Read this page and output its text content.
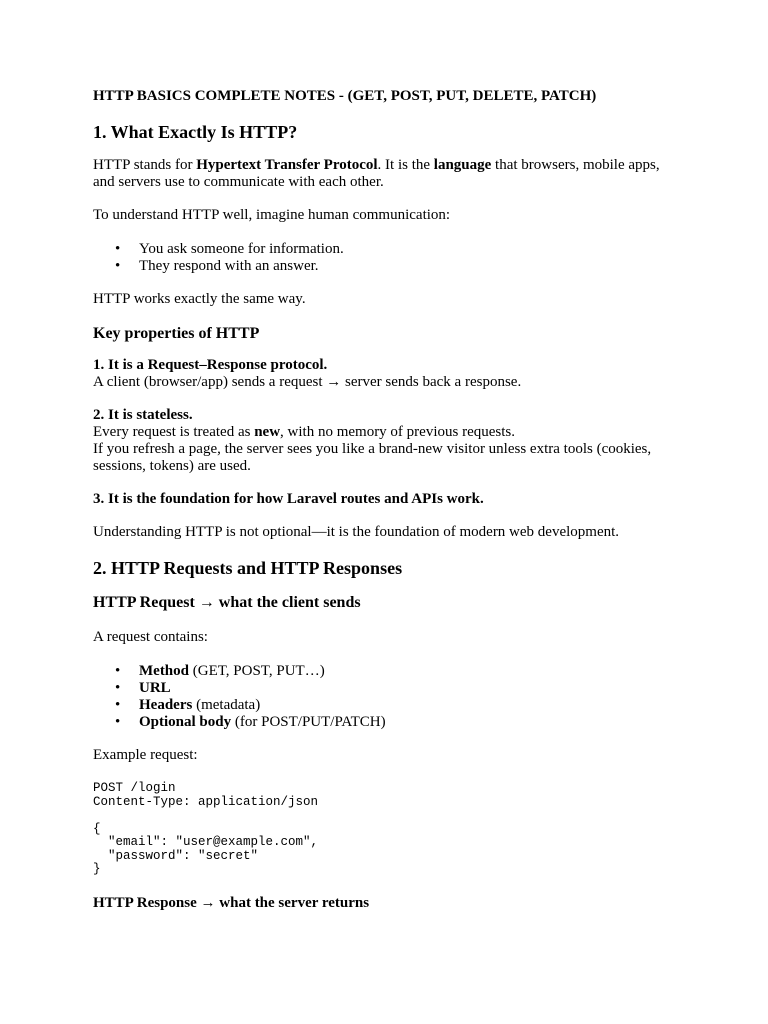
HTTP BASICS COMPLETE NOTES - (GET, POST, PUT, DELETE, PATCH)

1. What Exactly Is HTTP?

HTTP stands for Hypertext Transfer Protocol. It is the language that browsers, mobile apps, and servers use to communicate with each other.

To understand HTTP well, imagine human communication:

• You ask someone for information.
• They respond with an answer.

HTTP works exactly the same way.

Key properties of HTTP

1. It is a Request–Response protocol.

A client (browser/app) sends a request → server sends back a response.

2. It is stateless.

Every request is treated as new, with no memory of previous requests.

If you refresh a page, the server sees you like a brand-new visitor unless extra tools (cookies, sessions, tokens) are used.

3. It is the foundation for how Laravel routes and APIs work.

Understanding HTTP is not optional—it is the foundation of modern web development.

2. HTTP Requests and HTTP Responses
HTTP Request → what the client sends

A request contains:

• Method (GET, POST, PUT…)
• URL
• Headers (metadata)
• Optional body (for POST/PUT/PATCH)

Example request:

POST /login
Content-Type: application/json

{
"email": "user@example.com",
"password": "secret"
}

HTTP Response → what the server returns
